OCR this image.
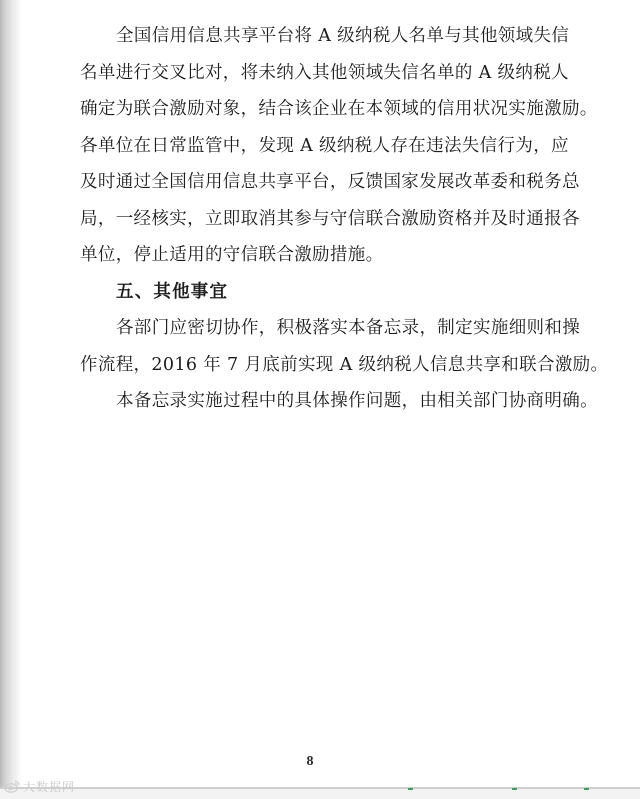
全国信用信息共享平台将 A 级纳税人名单与其他领域失信
名单进行交叉比对，将未纳入其他领域失信名单的 A 级纳税人
确定为联合激励对象，结合该企业在本领域的信用状况实施激励。
各单位在日常监管中，发现 A 级纳税人存在违法失信行为，应
及时通过全国信用信息共享平台，反馈国家发展改革委和税务总
局，一经核实，立即取消其参与守信联合激励资格并及时通报各
单位，停止适用的守信联合激励措施。
五、其他事宜
各部门应密切协作，积极落实本备忘录，制定实施细则和操
作流程，2016 年 7 月底前实现 A 级纳税人信息共享和联合激励。
本备忘录实施过程中的具体操作问题，由相关部门协商明确。
8
大数据网
